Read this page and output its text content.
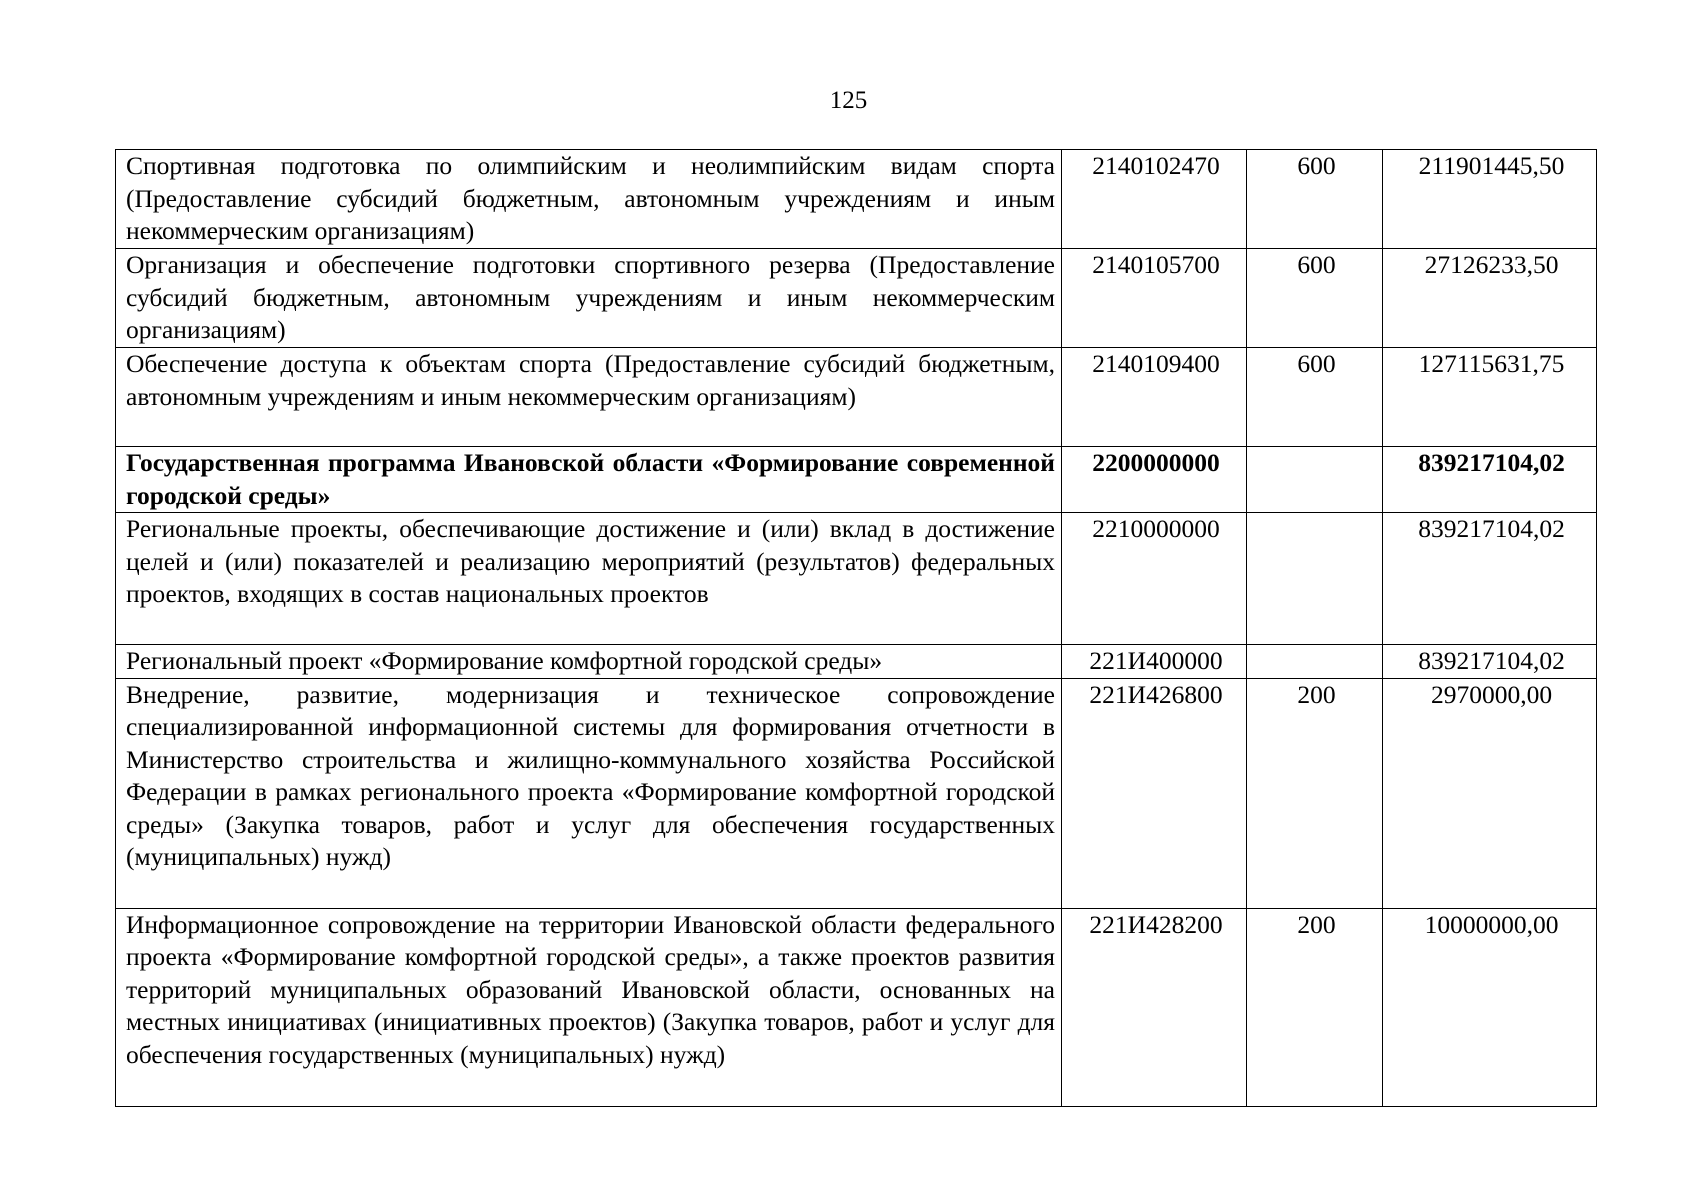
125
Спортивная подготовка по олимпийским и неолимпийским видам спорта (Предоставление субсидий бюджетным, автономным учреждениям и иным некоммерческим организациям)	2140102470	600	211901445,50
Организация и обеспечение подготовки спортивного резерва (Предоставление субсидий бюджетным, автономным учреждениям и иным некоммерческим организациям)	2140105700	600	27126233,50
Обеспечение доступа к объектам спорта (Предоставление субсидий бюджетным, автономным учреждениям и иным некоммерческим организациям)	2140109400	600	127115631,75
Государственная программа Ивановской области «Формирование современной городской среды»	2200000000		839217104,02
Региональные проекты, обеспечивающие достижение и (или) вклад в достижение целей и (или) показателей и реализацию мероприятий (результатов) федеральных проектов, входящих в состав национальных проектов	2210000000		839217104,02
Региональный проект «Формирование комфортной городской среды»	221И400000		839217104,02
Внедрение, развитие, модернизация и техническое сопровождение специализированной информационной системы для формирования отчетности в Министерство строительства и жилищно-коммунального хозяйства Российской Федерации в рамках регионального проекта «Формирование комфортной городской среды» (Закупка товаров, работ и услуг для обеспечения государственных (муниципальных) нужд)	221И426800	200	2970000,00
Информационное сопровождение на территории Ивановской области федерального проекта «Формирование комфортной городской среды», а также проектов развития территорий муниципальных образований Ивановской области, основанных на местных инициативах (инициативных проектов) (Закупка товаров, работ и услуг для обеспечения государственных (муниципальных) нужд)	221И428200	200	10000000,00
